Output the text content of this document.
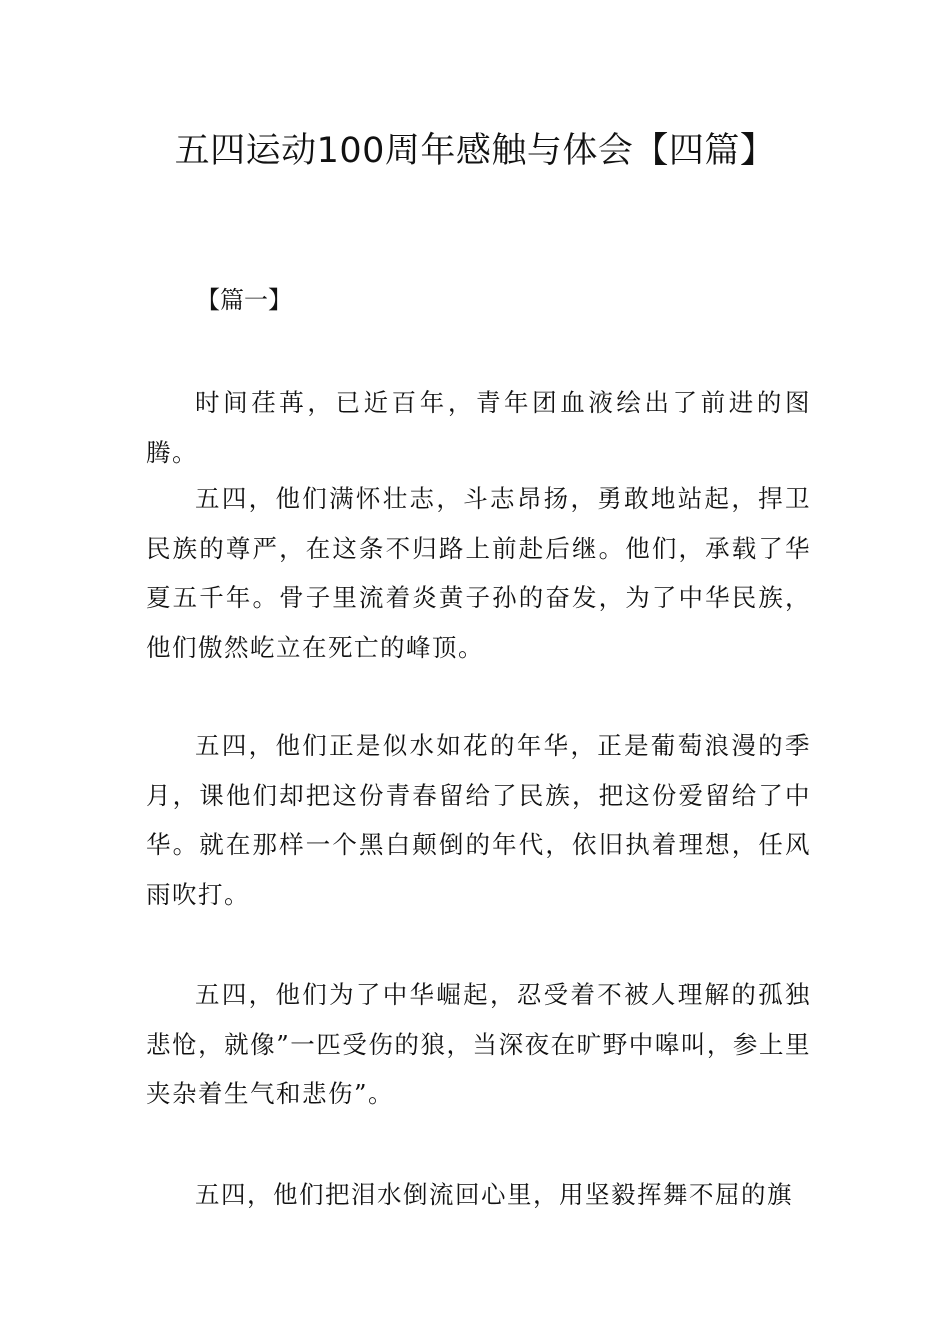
五四运动100周年感触与体会【四篇】
【篇一】

时间荏苒，已近百年，青年团血液绘出了前进的图腾。

五四，他们满怀壮志，斗志昂扬，勇敢地站起，捍卫民族的尊严，在这条不归路上前赴后继。他们，承载了华夏五千年。骨子里流着炎黄子孙的奋发，为了中华民族，他们傲然屹立在死亡的峰顶。

五四，他们正是似水如花的年华，正是葡萄浪漫的季月，课他们却把这份青春留给了民族，把这份爱留给了中华。就在那样一个黑白颠倒的年代，依旧执着理想，任风雨吹打。

五四，他们为了中华崛起，忍受着不被人理解的孤独悲怆，就像”一匹受伤的狼，当深夜在旷野中嗥叫，参上里夹杂着生气和悲伤”。

五四，他们把泪水倒流回心里，用坚毅挥舞不屈的旗
